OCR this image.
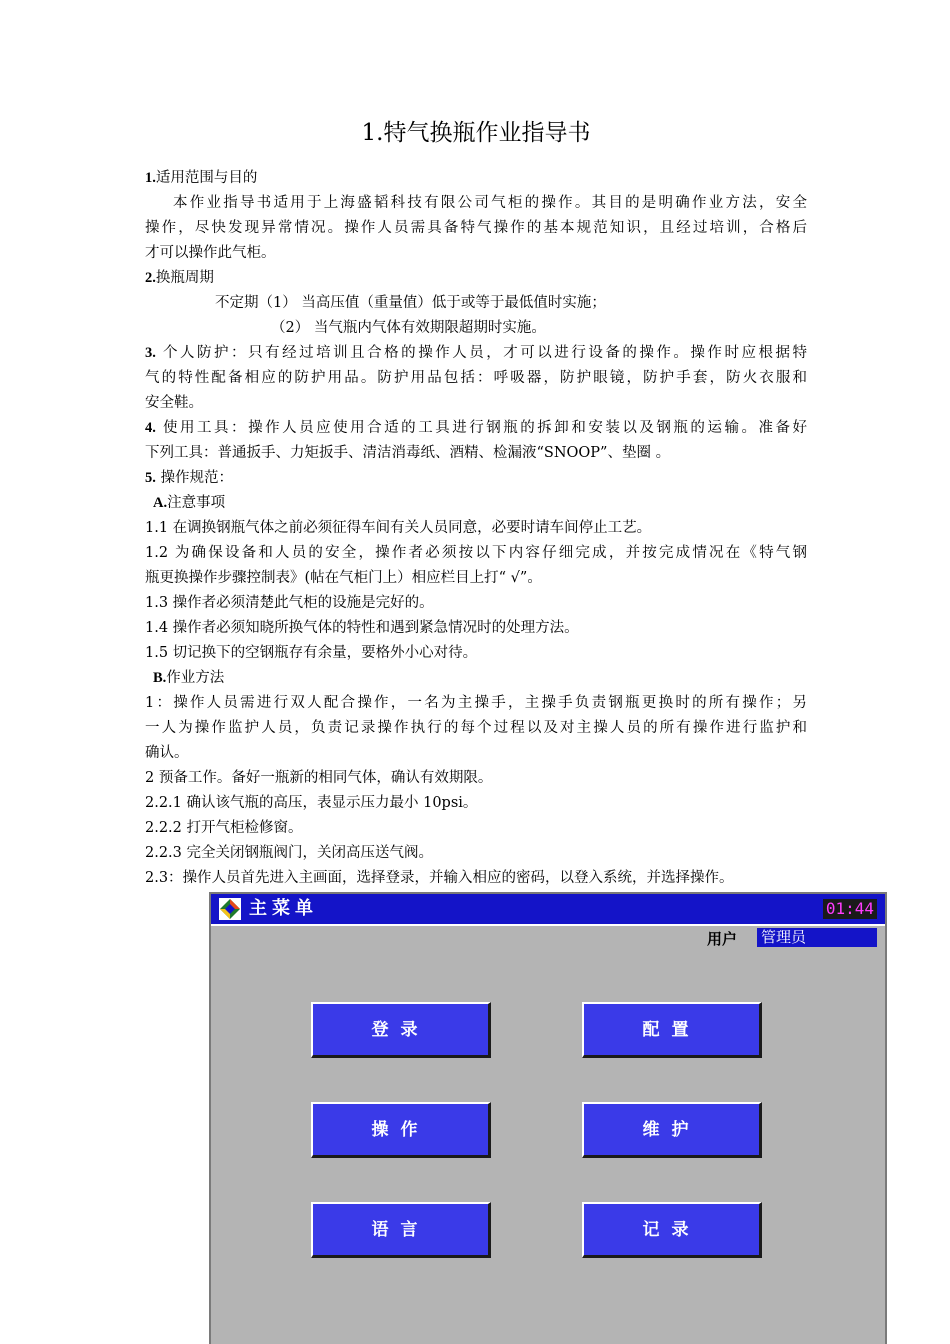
1.特气换瓶作业指导书
1.适用范围与目的
本作业指导书适用于上海盛韬科技有限公司气柜的操作。其目的是明确作业方法，安全
操作，尽快发现异常情况。操作人员需具备特气操作的基本规范知识，且经过培训，合格后
才可以操作此气柜。
2.换瓶周期
不定期（1） 当高压值（重量值）低于或等于最低值时实施；
（2） 当气瓶内气体有效期限超期时实施。
3. 个人防护：只有经过培训且合格的操作人员，才可以进行设备的操作。操作时应根据特
气的特性配备相应的防护用品。防护用品包括：呼吸器，防护眼镜，防护手套，防火衣服和
安全鞋。
4. 使用工具：操作人员应使用合适的工具进行钢瓶的拆卸和安装以及钢瓶的运输。准备好
下列工具：普通扳手、力矩扳手、清洁消毒纸、酒精、检漏液“SNOOP”、垫圈 。
5. 操作规范：
A.注意事项
1.1 在调换钢瓶气体之前必须征得车间有关人员同意，必要时请车间停止工艺。
1.2 为确保设备和人员的安全，操作者必须按以下内容仔细完成，并按完成情况在《特气钢
瓶更换操作步骤控制表》(帖在气柜门上）相应栏目上打“ √”。
1.3 操作者必须清楚此气柜的设施是完好的。
1.4 操作者必须知晓所换气体的特性和遇到紧急情况时的处理方法。
1.5 切记换下的空钢瓶存有余量，要格外小心对待。
B.作业方法
1：操作人员需进行双人配合操作，一名为主操手，主操手负责钢瓶更换时的所有操作；另
一人为操作监护人员，负责记录操作执行的每个过程以及对主操人员的所有操作进行监护和
确认。
2 预备工作。备好一瓶新的相同气体，确认有效期限。
2.2.1 确认该气瓶的高压，表显示压力最小 10psi。
2.2.2 打开气柜检修窗。
2.2.3 完全关闭钢瓶阀门，关闭高压送气阀。
2.3：操作人员首先进入主画面，选择登录，并输入相应的密码，以登入系统，并选择操作。
主菜单	01:44
用户 管理员
登录	配置
操作	维护
语言	记录
